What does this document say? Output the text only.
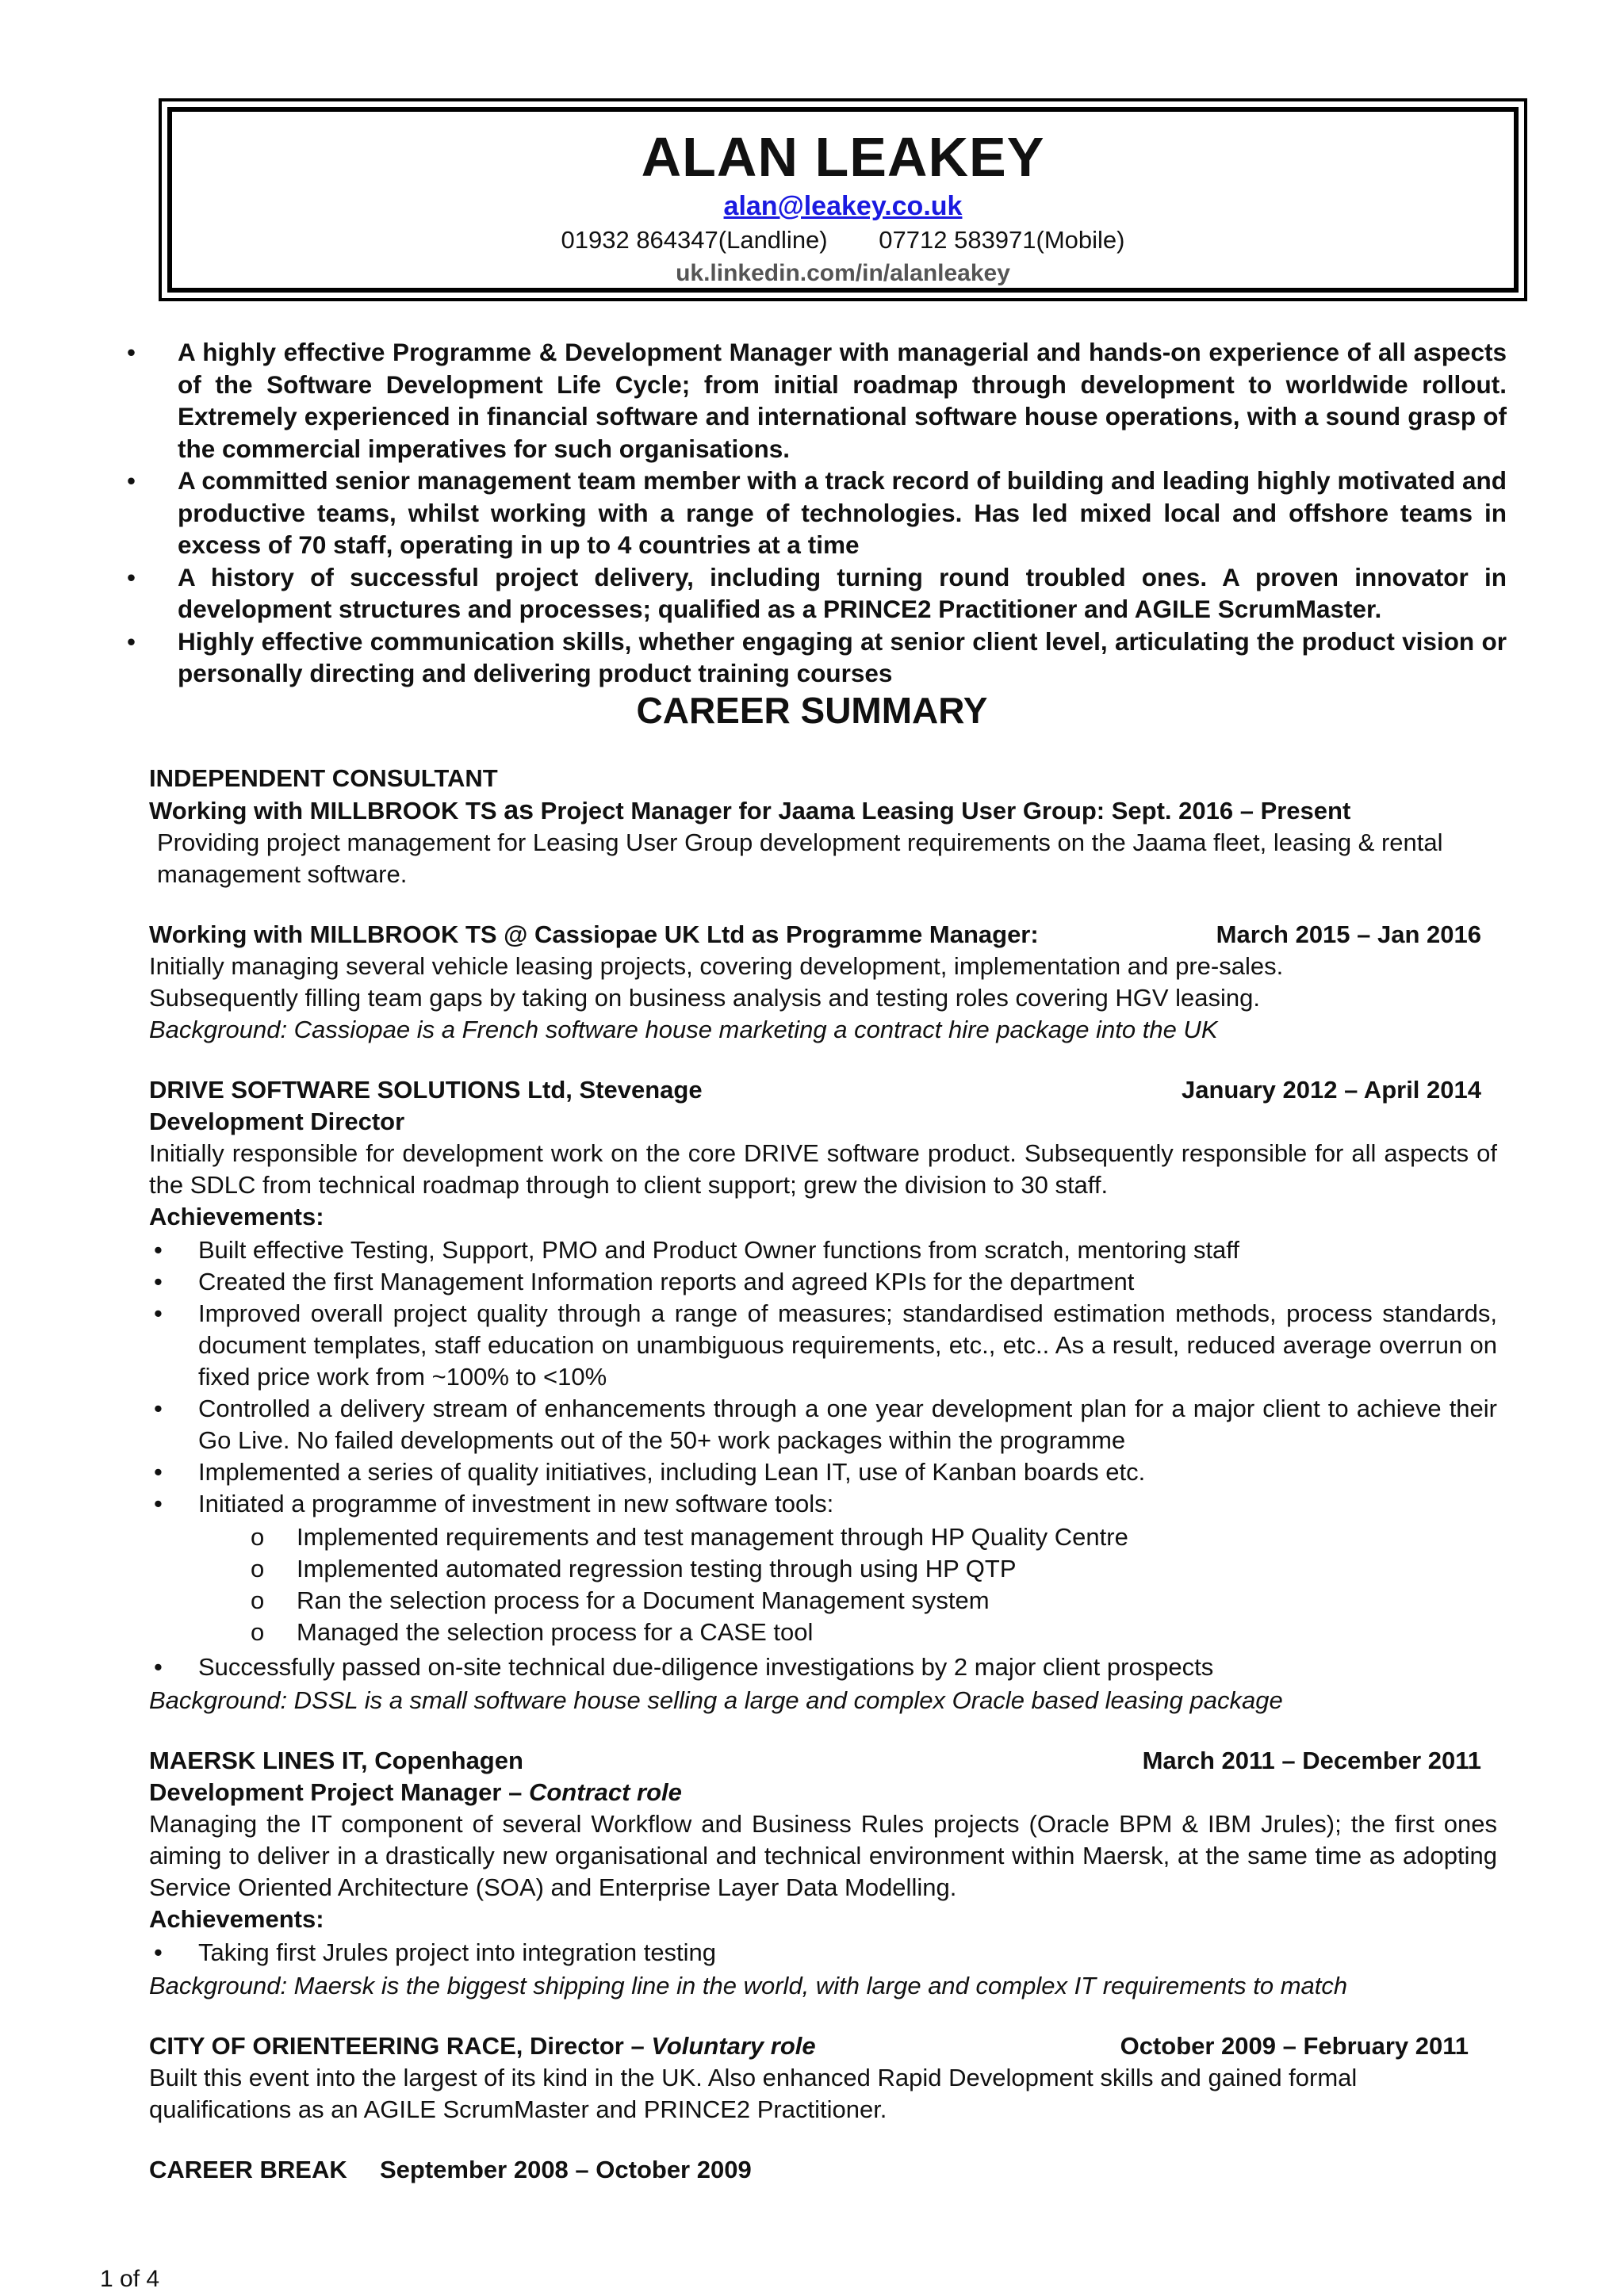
ALAN LEAKEY
alan@leakey.co.uk
01932 864347(Landline) 07712 583971(Mobile)
uk.linkedin.com/in/alanleakey
• A highly effective Programme & Development Manager with managerial and hands-on experience of all aspects of the Software Development Life Cycle; from initial roadmap through development to worldwide rollout. Extremely experienced in financial software and international software house operations, with a sound grasp of the commercial imperatives for such organisations.
• A committed senior management team member with a track record of building and leading highly motivated and productive teams, whilst working with a range of technologies. Has led mixed local and offshore teams in excess of 70 staff, operating in up to 4 countries at a time
• A history of successful project delivery, including turning round troubled ones. A proven innovator in development structures and processes; qualified as a PRINCE2 Practitioner and AGILE ScrumMaster.
• Highly effective communication skills, whether engaging at senior client level, articulating the product vision or personally directing and delivering product training courses
CAREER SUMMARY

INDEPENDENT CONSULTANT

Working with MILLBROOK TS as Project Manager for Jaama Leasing User Group: Sept. 2016 – Present

Providing project management for Leasing User Group development requirements on the Jaama fleet, leasing & rental management software.

Working with MILLBROOK TS @ Cassiopae UK Ltd as Programme Manager:	March 2015 – Jan 2016

Initially managing several vehicle leasing projects, covering development, implementation and pre-sales.

Subsequently filling team gaps by taking on business analysis and testing roles covering HGV leasing.

Background: Cassiopae is a French software house marketing a contract hire package into the UK

DRIVE SOFTWARE SOLUTIONS Ltd, Stevenage	January 2012 – April 2014

Development Director

Initially responsible for development work on the core DRIVE software product. Subsequently responsible for all aspects of the SDLC from technical roadmap through to client support; grew the division to 30 staff.

Achievements:

• Built effective Testing, Support, PMO and Product Owner functions from scratch, mentoring staff
• Created the first Management Information reports and agreed KPIs for the department
• Improved overall project quality through a range of measures; standardised estimation methods, process standards, document templates, staff education on unambiguous requirements, etc., etc.. As a result, reduced average overrun on fixed price work from ~100% to <10%
• Controlled a delivery stream of enhancements through a one year development plan for a major client to achieve their Go Live. No failed developments out of the 50+ work packages within the programme
• Implemented a series of quality initiatives, including Lean IT, use of Kanban boards etc.
• Initiated a programme of investment in new software tools:
o Implemented requirements and test management through HP Quality Centre
o Implemented automated regression testing through using HP QTP
o Ran the selection process for a Document Management system
o Managed the selection process for a CASE tool
• Successfully passed on-site technical due-diligence investigations by 2 major client prospects

Background: DSSL is a small software house selling a large and complex Oracle based leasing package

MAERSK LINES IT, Copenhagen	March 2011 – December 2011

Development Project Manager – Contract role

Managing the IT component of several Workflow and Business Rules projects (Oracle BPM & IBM Jrules); the first ones aiming to deliver in a drastically new organisational and technical environment within Maersk, at the same time as adopting Service Oriented Architecture (SOA) and Enterprise Layer Data Modelling.

Achievements:

• Taking first Jrules project into integration testing

Background: Maersk is the biggest shipping line in the world, with large and complex IT requirements to match

CITY OF ORIENTEERING RACE, Director – Voluntary role	October 2009 – February 2011

Built this event into the largest of its kind in the UK. Also enhanced Rapid Development skills and gained formal qualifications as an AGILE ScrumMaster and PRINCE2 Practitioner.

CAREER BREAK September 2008 – October 2009

1 of 4
